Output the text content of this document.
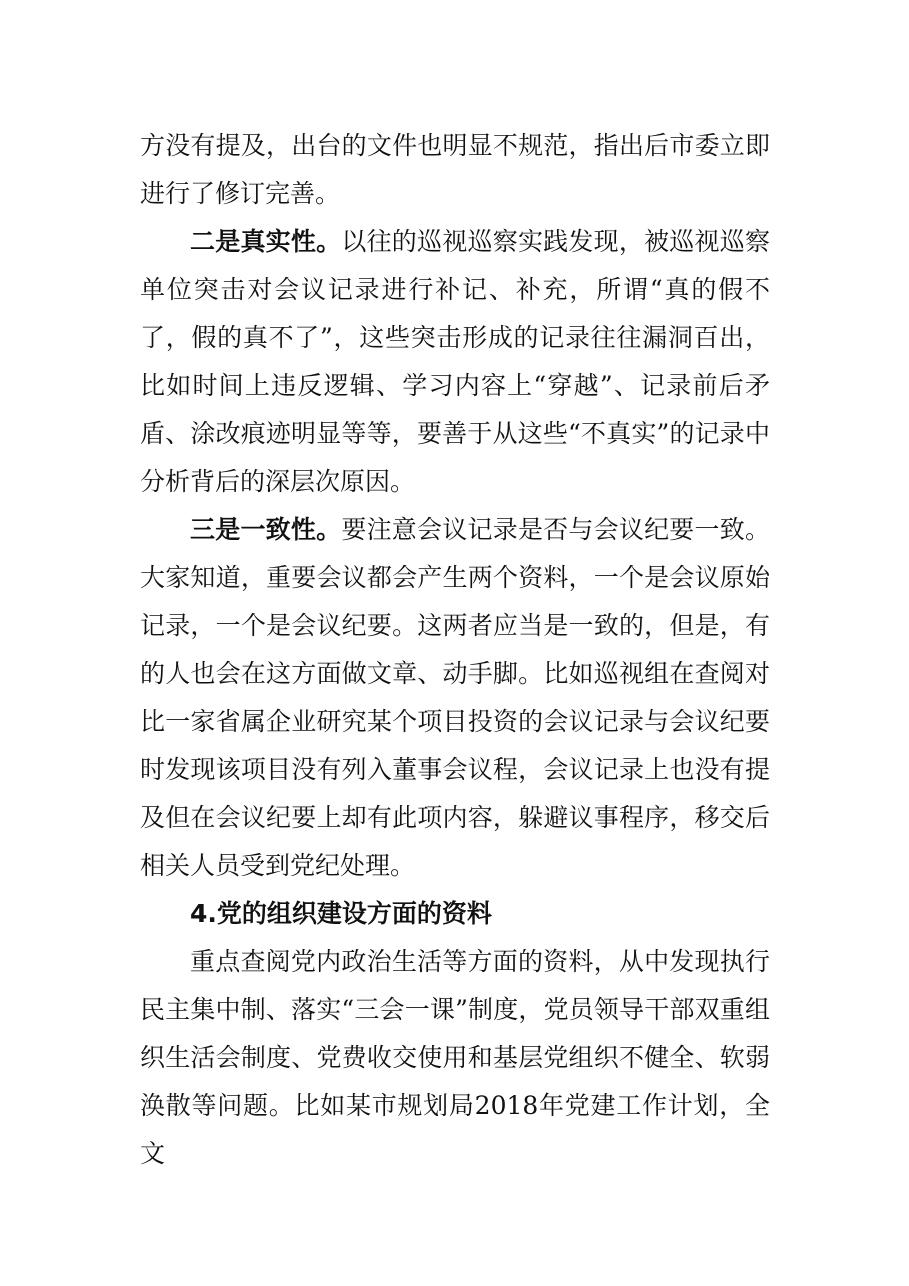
方没有提及，出台的文件也明显不规范，指出后市委立即进行了修订完善。

二是真实性。以往的巡视巡察实践发现，被巡视巡察单位突击对会议记录进行补记、补充，所谓“真的假不了，假的真不了”，这些突击形成的记录往往漏洞百出，比如时间上违反逻辑、学习内容上“穿越”、记录前后矛盾、涂改痕迹明显等等，要善于从这些“不真实”的记录中分析背后的深层次原因。

三是一致性。要注意会议记录是否与会议纪要一致。大家知道，重要会议都会产生两个资料，一个是会议原始记录，一个是会议纪要。这两者应当是一致的，但是，有的人也会在这方面做文章、动手脚。比如巡视组在查阅对比一家省属企业研究某个项目投资的会议记录与会议纪要时发现该项目没有列入董事会议程，会议记录上也没有提及但在会议纪要上却有此项内容，躲避议事程序，移交后相关人员受到党纪处理。

4.党的组织建设方面的资料

重点查阅党内政治生活等方面的资料，从中发现执行民主集中制、落实“三会一课”制度，党员领导干部双重组织生活会制度、党费收交使用和基层党组织不健全、软弱涣散等问题。比如某市规划局2018年党建工作计划，全文
